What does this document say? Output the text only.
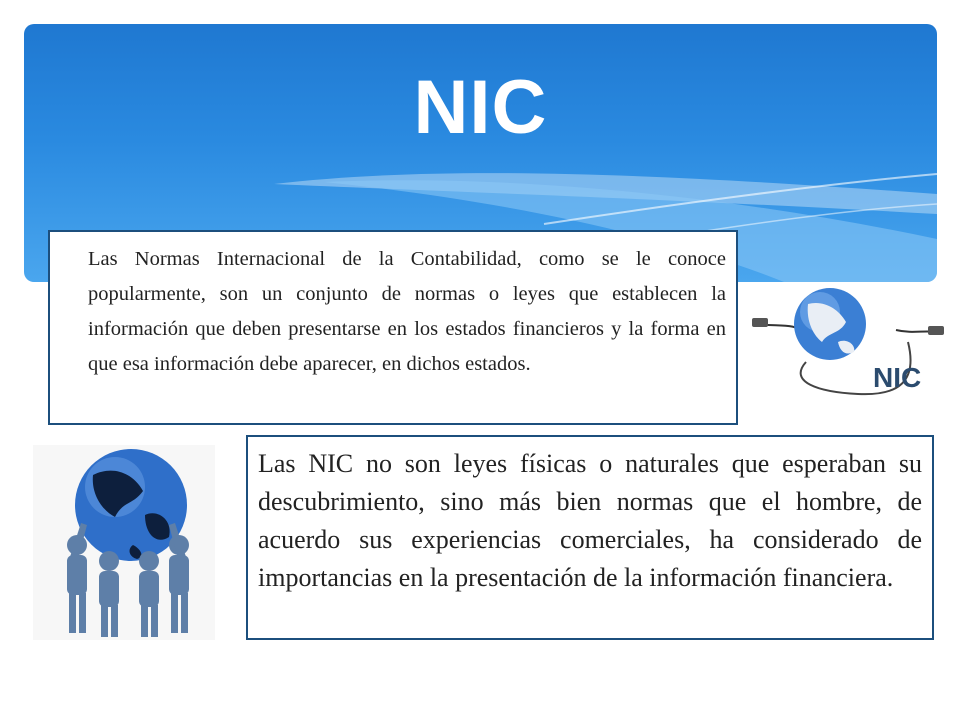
NIC
Las Normas Internacional de la Contabilidad, como se le conoce popularmente, son un conjunto de normas o leyes que establecen la información que deben presentarse en los estados financieros y la forma en que esa información debe aparecer, en dichos estados.	NIC
Las NIC no son leyes físicas o naturales que esperaban su descubrimiento, sino más bien normas que el hombre, de acuerdo sus experiencias comerciales, ha considerado de importancias en la presentación de la información financiera.
